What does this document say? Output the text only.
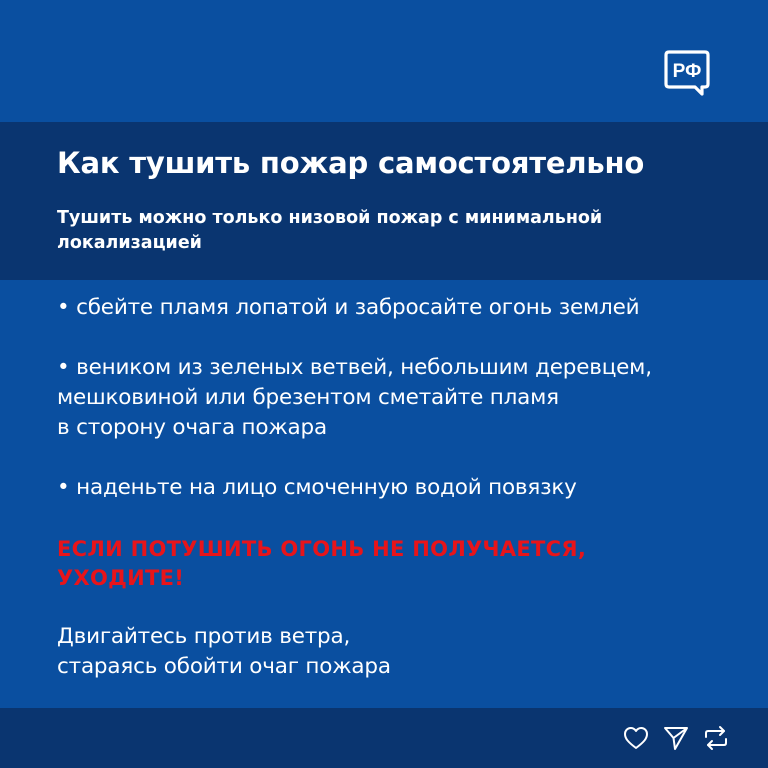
РФ
Как тушить пожар самостоятельно
Тушить можно только низовой пожар с минимальной локализацией
• сбейте пламя лопатой и забросайте огонь землей
• веником из зеленых ветвей, небольшим деревцем,
мешковиной или брезентом сметайте пламя
в сторону очага пожара
• наденьте на лицо смоченную водой повязку
ЕСЛИ ПОТУШИТЬ ОГОНЬ НЕ ПОЛУЧАЕТСЯ,
УХОДИТЕ!
Двигайтесь против ветра,
стараясь обойти очаг пожара
